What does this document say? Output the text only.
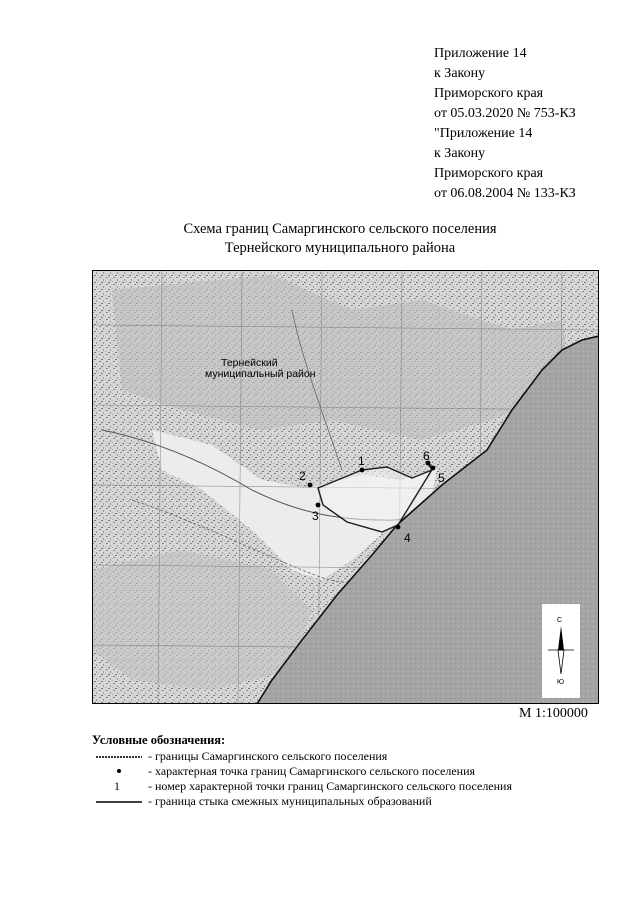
Приложение 14
к Закону
Приморского края
от 05.03.2020 № 753-КЗ
"Приложение 14
к Закону
Приморского края
от 06.08.2004 № 133-КЗ
Схема границ Самаргинского сельского поселения
Тернейского муниципального района
1
2
3
4
5
6
Тернейский
муниципальный район
С
Ю
М 1:100000
Условные обозначения:
- границы Самаргинского сельского поселения
- характерная точка границ Самаргинского сельского поселения
1	- номер характерной точки границ Самаргинского сельского поселения
- граница стыка смежных муниципальных образований
